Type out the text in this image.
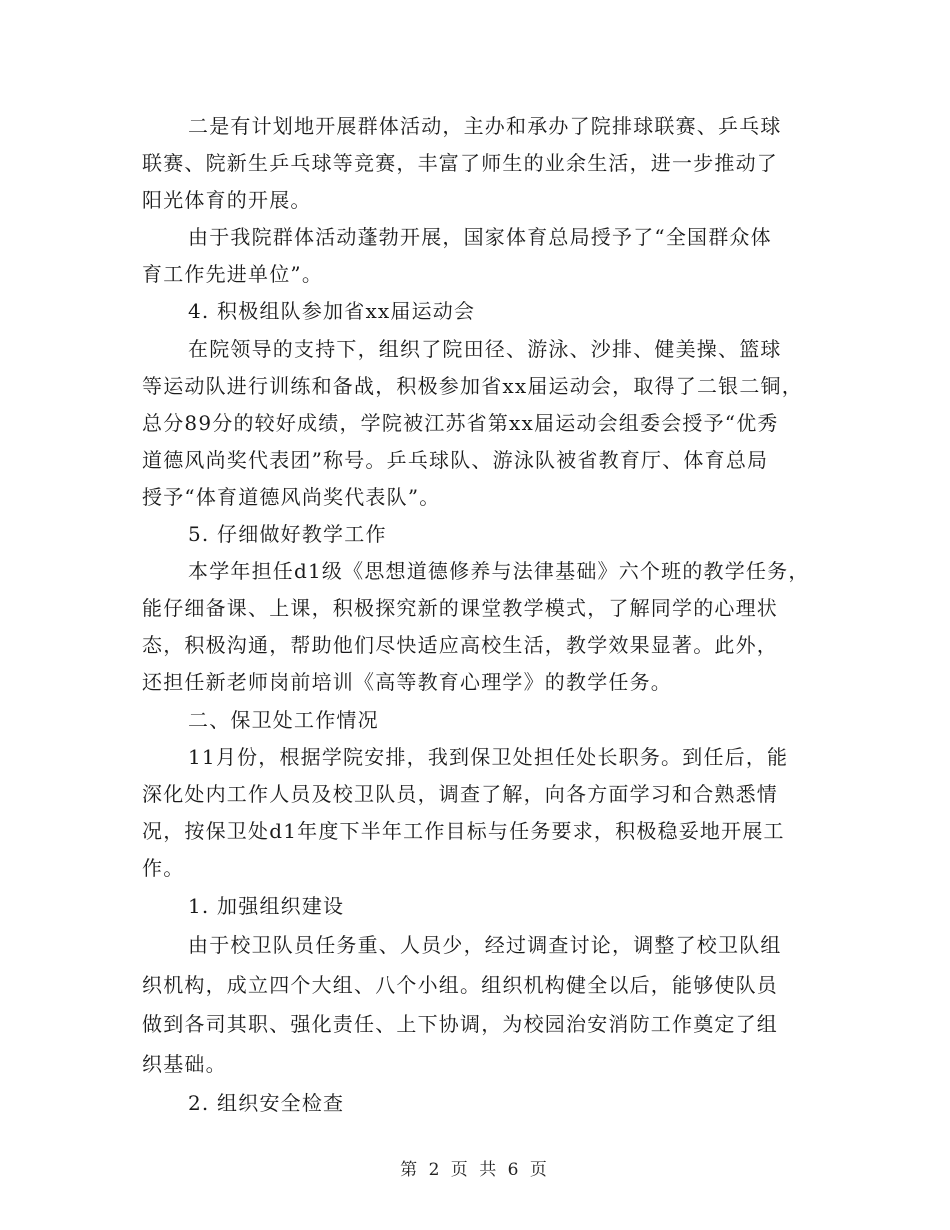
二是有计划地开展群体活动，主办和承办了院排球联赛、乒乓球
联赛、院新生乒乓球等竞赛，丰富了师生的业余生活，进一步推动了
阳光体育的开展。
由于我院群体活动蓬勃开展，国家体育总局授予了“全国群众体
育工作先进单位”。
4. 积极组队参加省xx届运动会
在院领导的支持下，组织了院田径、游泳、沙排、健美操、篮球
等运动队进行训练和备战，积极参加省xx届运动会，取得了二银二铜，
总分89分的较好成绩，学院被江苏省第xx届运动会组委会授予“优秀
道德风尚奖代表团”称号。乒乓球队、游泳队被省教育厅、体育总局
授予“体育道德风尚奖代表队”。
5. 仔细做好教学工作
本学年担任d1级《思想道德修养与法律基础》六个班的教学任务，
能仔细备课、上课，积极探究新的课堂教学模式，了解同学的心理状
态，积极沟通，帮助他们尽快适应高校生活，教学效果显著。此外，
还担任新老师岗前培训《高等教育心理学》的教学任务。
二、保卫处工作情况
11月份，根据学院安排，我到保卫处担任处长职务。到任后，能
深化处内工作人员及校卫队员，调查了解，向各方面学习和合熟悉情
况，按保卫处d1年度下半年工作目标与任务要求，积极稳妥地开展工
作。
1. 加强组织建设
由于校卫队员任务重、人员少，经过调查讨论，调整了校卫队组
织机构，成立四个大组、八个小组。组织机构健全以后，能够使队员
做到各司其职、强化责任、上下协调，为校园治安消防工作奠定了组
织基础。
2. 组织安全检查
第 2 页 共 6 页
